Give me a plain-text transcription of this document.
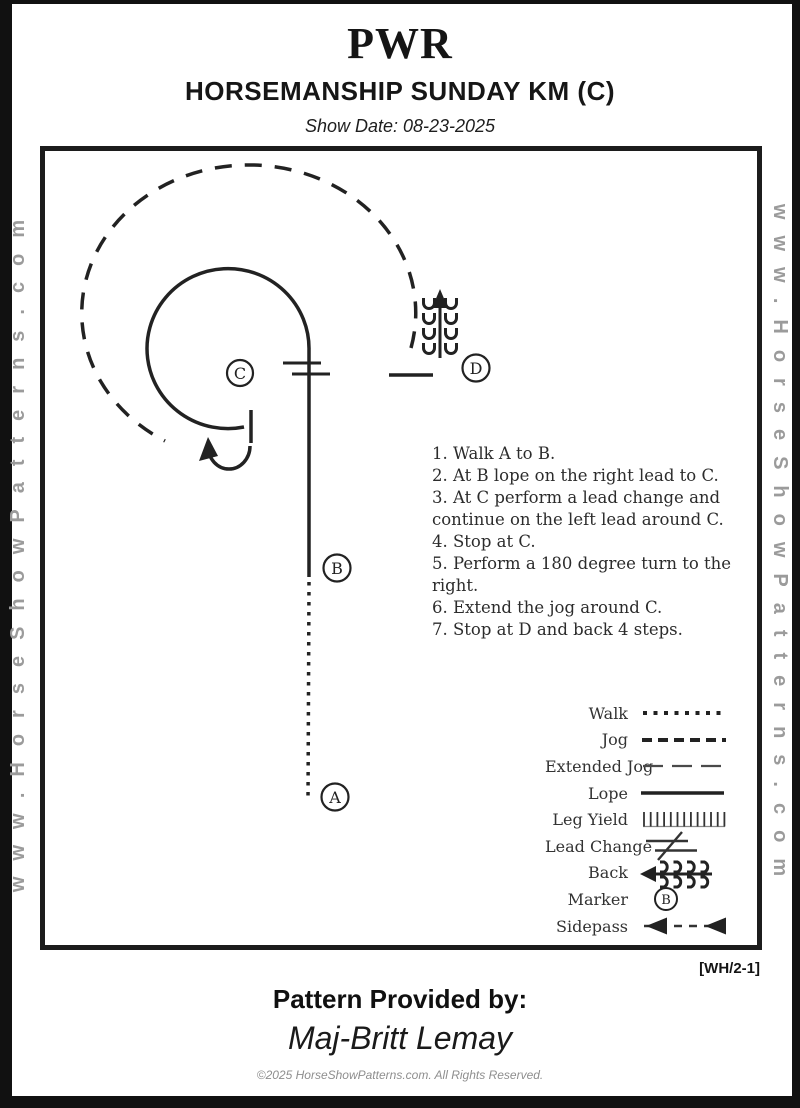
PWR
HORSEMANSHIP SUNDAY KM (C)
Show Date: 08-23-2025
www.HorseShowPatterns.com	www.HorseShowPatterns.com
A
B
C	D
1. Walk A to B.
2. At B lope on the right lead to C.
3. At C perform a lead change and
continue on the left lead around C.
4. Stop at C.
5. Perform a 180 degree turn to the
right.
6. Extend the jog around C.
7. Stop at D and back 4 steps.
Walk
Jog
Extended Jog
Lope
Leg Yield
Lead Change
Back
Marker	B
Sidepass
[WH/2-1]
Pattern Provided by:
Maj-Britt Lemay
©2025 HorseShowPatterns.com. All Rights Reserved.
